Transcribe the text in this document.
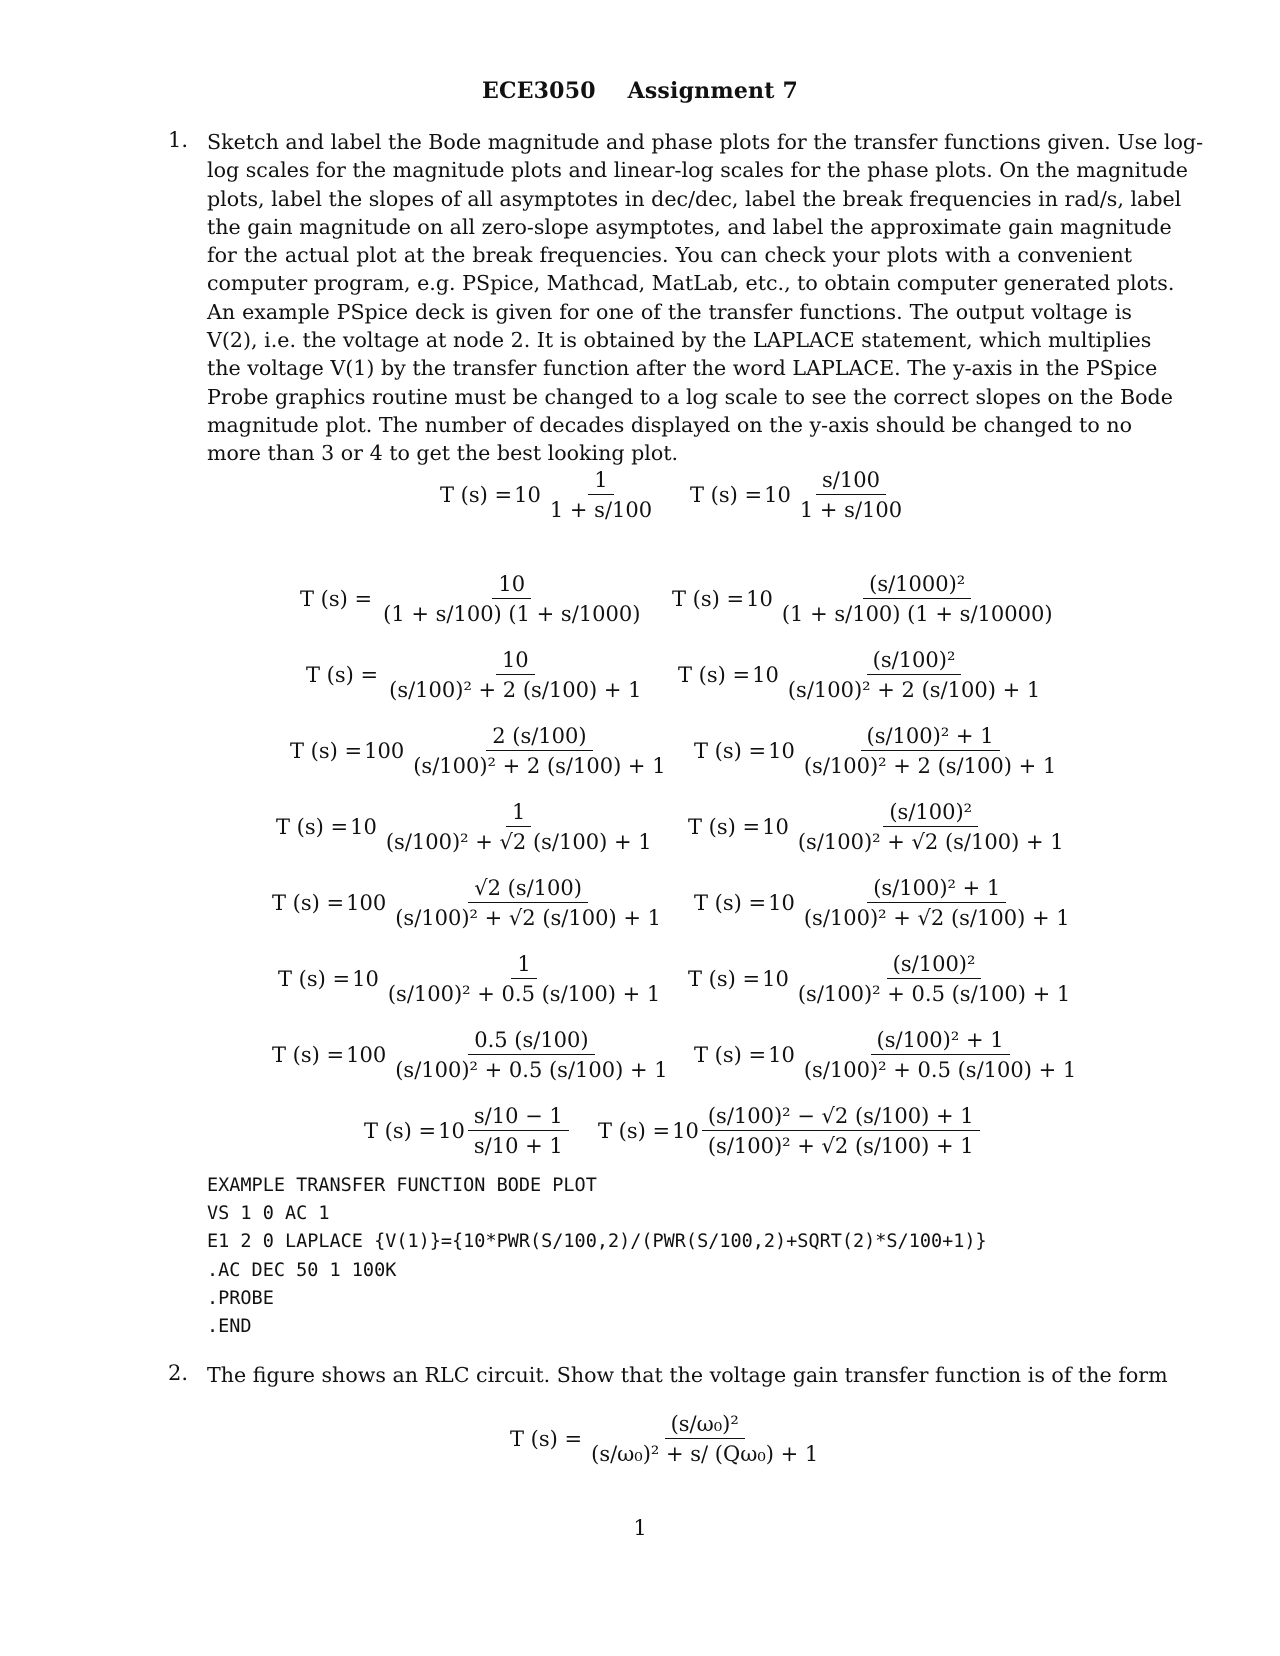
ECE3050 Assignment 7
1. Sketch and label the Bode magnitude and phase plots for the transfer functions given. Use log-
log scales for the magnitude plots and linear-log scales for the phase plots. On the magnitude
plots, label the slopes of all asymptotes in dec/dec, label the break frequencies in rad/s, label
the gain magnitude on all zero-slope asymptotes, and label the approximate gain magnitude
for the actual plot at the break frequencies. You can check your plots with a convenient
computer program, e.g. PSpice, Mathcad, MatLab, etc., to obtain computer generated plots.
An example PSpice deck is given for one of the transfer functions. The output voltage is
V(2), i.e. the voltage at node 2. It is obtained by the LAPLACE statement, which multiplies
the voltage V(1) by the transfer function after the word LAPLACE. The y-axis in the PSpice
Probe graphics routine must be changed to a log scale to see the correct slopes on the Bode
magnitude plot. The number of decades displayed on the y-axis should be changed to no
more than 3 or 4 to get the best looking plot.
T $(s) = 10 \frac{1}{1 + s/100}$ T $(s) = 10 \frac{s/100}{1 + s/100}$
T $(s) = \frac{10}{(1 + s/100) (1 + s/1000)}$ T $(s) = 10 \frac{\text{(s/1000)²}}{(1 + s/100) (1 + s/10000)}$
T $(s) = \frac{10}{\text{(s/100)² + 2 (s/100) + 1}}$ T $(s) = 10 \frac{\text{(s/100)²}}{\text{(s/100)² + 2 (s/100) + 1}}$
T $(s) = 100 \frac{2 (s/100)}{\text{(s/100)² + 2 (s/100) + 1}}$ T $(s) = 10 \frac{\text{(s/100)² + 1}}{\text{(s/100)² + 2 (s/100) + 1}}$
T $(s) = 10 \frac{1}{\text{(s/100)² + √2 (s/100) + 1}}$ T $(s) = 10 \frac{\text{(s/100)²}}{\text{(s/100)² + √2 (s/100) + 1}}$
T $(s) = 100 \frac{√2 (s/100)}{\text{(s/100)² + √2 (s/100) + 1}}$ T $(s) = 10 \frac{\text{(s/100)² + 1}}{\text{(s/100)² + √2 (s/100) + 1}}$
T $(s) = 10 \frac{1}{\text{(s/100)² + 0.5 (s/100) + 1}}$ T $(s) = 10 \frac{\text{(s/100)²}}{\text{(s/100)² + 0.5 (s/100) + 1}}$
T $(s) = 100 \frac{0.5 (s/100)}{\text{(s/100)² + 0.5 (s/100) + 1}}$ T $(s) = 10 \frac{\text{(s/100)² + 1}}{\text{(s/100)² + 0.5 (s/100) + 1}}$
T $(s) = 10 \frac{s/10 - 1}{s/10 + 1}$ T $(s) = 10 \frac{\text{(s/100)² − √2 (s/100) + 1}}{\text{(s/100)² + √2 (s/100) + 1}}$
EXAMPLE TRANSFER FUNCTION BODE PLOT
VS 1 0 AC 1
E1 2 0 LAPLACE {V(1)}={10*PWR(S/100,2)/(PWR(S/100,2)+SQRT(2)*S/100+1)}
.AC DEC 50 1 100K
.PROBE
.END
2. The figure shows an RLC circuit. Show that the voltage gain transfer function is of the form
T $(s) = \frac{\text{(s/ω₀)²}}{\text{(s/ω₀)² + s/ (Qω₀) + 1}}$
1
